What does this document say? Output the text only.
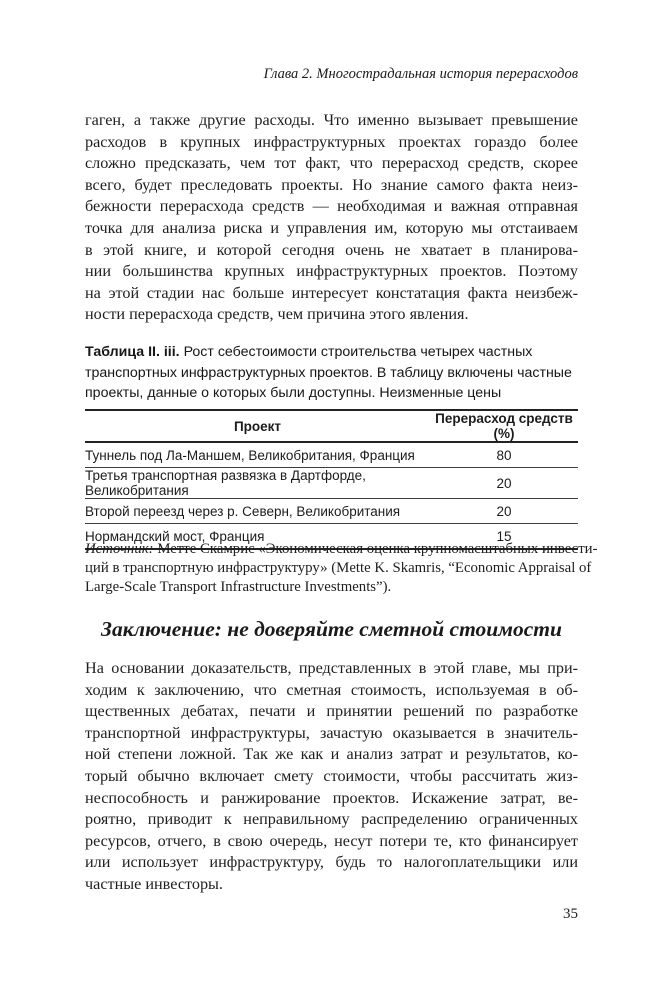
Глава 2. Многострадальная история перерасходов
гаген, а также другие расходы. Что именно вызывает превышение
расходов в крупных инфраструктурных проектах гораздо более
сложно предсказать, чем тот факт, что перерасход средств, скорее
всего, будет преследовать проекты. Но знание самого факта неиз-
бежности перерасхода средств — необходимая и важная отправная
точка для анализа риска и управления им, которую мы отстаиваем
в этой книге, и которой сегодня очень не хватает в планирова-
нии большинства крупных инфраструктурных проектов. Поэтому
на этой стадии нас больше интересует констатация факта неизбеж-
ности перерасхода средств, чем причина этого явления.
Таблица II. iii. Рост себестоимости строительства четырех частных
транспортных инфраструктурных проектов. В таблицу включены частные
проекты, данные о которых были доступны. Неизменные цены
Проект	Перерасход средств (%)
Туннель под Ла-Маншем, Великобритания, Франция	80
Третья транспортная развязка в Дартфорде, Великобритания	20
Второй переезд через р. Северн, Великобритания	20
Нормандский мост, Франция	15
Источник: Метте Скамрис «Экономическая оценка крупномасштабных инвести-
ций в транспортную инфраструктуру» (Mette K. Skamris, “Economic Appraisal of
Large-Scale Transport Infrastructure Investments”).
Заключение: не доверяйте сметной стоимости
На основании доказательств, представленных в этой главе, мы при-
ходим к заключению, что сметная стоимость, используемая в об-
щественных дебатах, печати и принятии решений по разработке
транспортной инфраструктуры, зачастую оказывается в значитель-
ной степени ложной. Так же как и анализ затрат и результатов, ко-
торый обычно включает смету стоимости, чтобы рассчитать жиз-
неспособность и ранжирование проектов. Искажение затрат, ве-
роятно, приводит к неправильному распределению ограниченных
ресурсов, отчего, в свою очередь, несут потери те, кто финансирует
или использует инфраструктуру, будь то налогоплательщики или
частные инвесторы.
35
